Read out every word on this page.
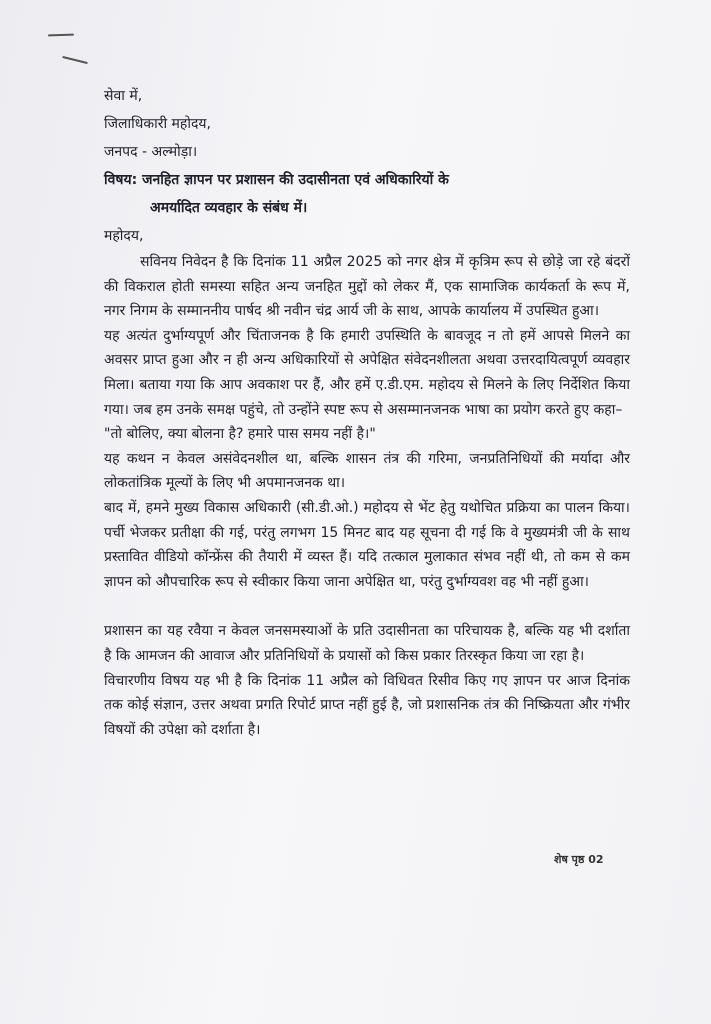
सेवा में,
जिलाधिकारी महोदय,
जनपद - अल्मोड़ा।
विषय: जनहित ज्ञापन पर प्रशासन की उदासीनता एवं अधिकारियों के
अमर्यादित व्यवहार के संबंध में।
महोदय,

सविनय निवेदन है कि दिनांक 11 अप्रैल 2025 को नगर क्षेत्र में कृत्रिम रूप से छोड़े जा रहे बंदरों की विकराल होती समस्या सहित अन्य जनहित मुद्दों को लेकर मैं, एक सामाजिक कार्यकर्ता के रूप में, नगर निगम के सम्माननीय पार्षद श्री नवीन चंद्र आर्य जी के साथ, आपके कार्यालय में उपस्थित हुआ।

यह अत्यंत दुर्भाग्यपूर्ण और चिंताजनक है कि हमारी उपस्थिति के बावजूद न तो हमें आपसे मिलने का अवसर प्राप्त हुआ और न ही अन्य अधिकारियों से अपेक्षित संवेदनशीलता अथवा उत्तरदायित्वपूर्ण व्यवहार मिला। बताया गया कि आप अवकाश पर हैं, और हमें ए.डी.एम. महोदय से मिलने के लिए निर्देशित किया गया। जब हम उनके समक्ष पहुंचे, तो उन्होंने स्पष्ट रूप से असम्मानजनक भाषा का प्रयोग करते हुए कहा–

"तो बोलिए, क्या बोलना है? हमारे पास समय नहीं है।"

यह कथन न केवल असंवेदनशील था, बल्कि शासन तंत्र की गरिमा, जनप्रतिनिधियों की मर्यादा और लोकतांत्रिक मूल्यों के लिए भी अपमानजनक था।

बाद में, हमने मुख्य विकास अधिकारी (सी.डी.ओ.) महोदय से भेंट हेतु यथोचित प्रक्रिया का पालन किया। पर्ची भेजकर प्रतीक्षा की गई, परंतु लगभग 15 मिनट बाद यह सूचना दी गई कि वे मुख्यमंत्री जी के साथ प्रस्तावित वीडियो कॉन्फ्रेंस की तैयारी में व्यस्त हैं। यदि तत्काल मुलाकात संभव नहीं थी, तो कम से कम ज्ञापन को औपचारिक रूप से स्वीकार किया जाना अपेक्षित था, परंतु दुर्भाग्यवश वह भी नहीं हुआ।

प्रशासन का यह रवैया न केवल जनसमस्याओं के प्रति उदासीनता का परिचायक है, बल्कि यह भी दर्शाता है कि आमजन की आवाज और प्रतिनिधियों के प्रयासों को किस प्रकार तिरस्कृत किया जा रहा है।

विचारणीय विषय यह भी है कि दिनांक 11 अप्रैल को विधिवत रिसीव किए गए ज्ञापन पर आज दिनांक तक कोई संज्ञान, उत्तर अथवा प्रगति रिपोर्ट प्राप्त नहीं हुई है, जो प्रशासनिक तंत्र की निष्क्रियता और गंभीर विषयों की उपेक्षा को दर्शाता है।

शेष पृष्ठ 02
